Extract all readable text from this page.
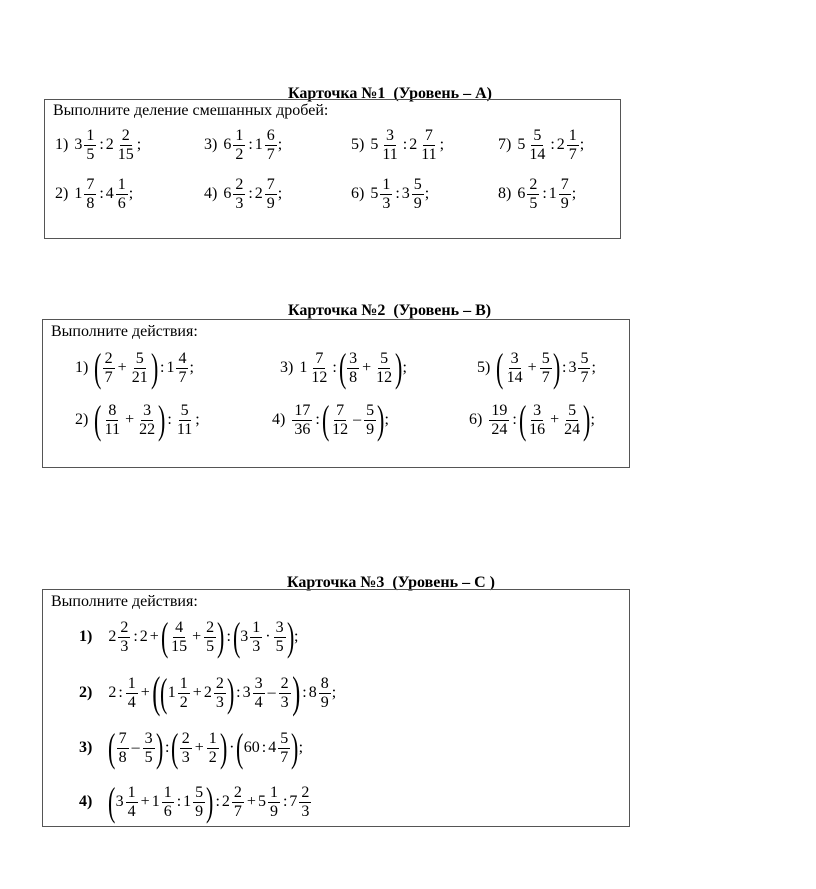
Карточка №1  (Уровень – А)
Выполните деление смешанных дробей:
1) $3 \frac{1}{5}$ : $2 \frac{2}{15}$ ;	3) $6 \frac{1}{2}$ : $1 \frac{6}{7}$ ;	5) $5 \frac{3}{11}$ : $2 \frac{7}{11}$ ;	7) $5 \frac{5}{14}$ : $2 \frac{1}{7}$ ;
2) $1 \frac{7}{8}$ : $4 \frac{1}{6}$ ;	4) $6 \frac{2}{3}$ : $2 \frac{7}{9}$ ;	6) $5 \frac{1}{3}$ : $3 \frac{5}{9}$ ;	8) $6 \frac{2}{5}$ : $1 \frac{7}{9}$ ;
Карточка №2  (Уровень – В)
Выполните действия:
1) ( $\frac{2}{7} + \frac{5}{21}$ ) : $1 \frac{4}{7}$ ;	3) $1 \frac{7}{12}$ : ( $\frac{3}{8} + \frac{5}{12}$ ) ;	5) ( $\frac{3}{14} + \frac{5}{7}$ ) : $3 \frac{5}{7}$ ;
2) ( $\frac{8}{11} + \frac{3}{22}$ ) : $\frac{5}{11}$ ;	$4) \frac{17}{36}$ : ( $\frac{7}{12} - \frac{5}{9}$ ) ;	$6) \frac{19}{24}$ : ( $\frac{3}{16} + \frac{5}{24}$ ) ;
Карточка №3  (Уровень – С )
Выполните действия:
1) $2 \frac{2}{3}$ : 2 + ( $\frac{4}{15} + \frac{2}{5}$ ) : ( $3 \frac{1}{3} \cdot \frac{3}{5}$ ) ;
2) 2 : $\frac{1}{4}$ + ( ( $1 \frac{1}{2} + 2 \frac{2}{3}$ ) : $3 \frac{3}{4} - \frac{2}{3}$ ) : $8 \frac{8}{9}$ ;
3) ( $\frac{7}{8} - \frac{3}{5}$ ) : ( $\frac{2}{3} + \frac{1}{2}$ ) · ( 60 : $4 \frac{5}{7}$ ) ;
4) ( $3 \frac{1}{4} + 1 \frac{1}{6}$ : $1 \frac{5}{9}$ ) : $2 \frac{2}{7} + 5 \frac{1}{9}$ : $7 \frac{2}{3}$
